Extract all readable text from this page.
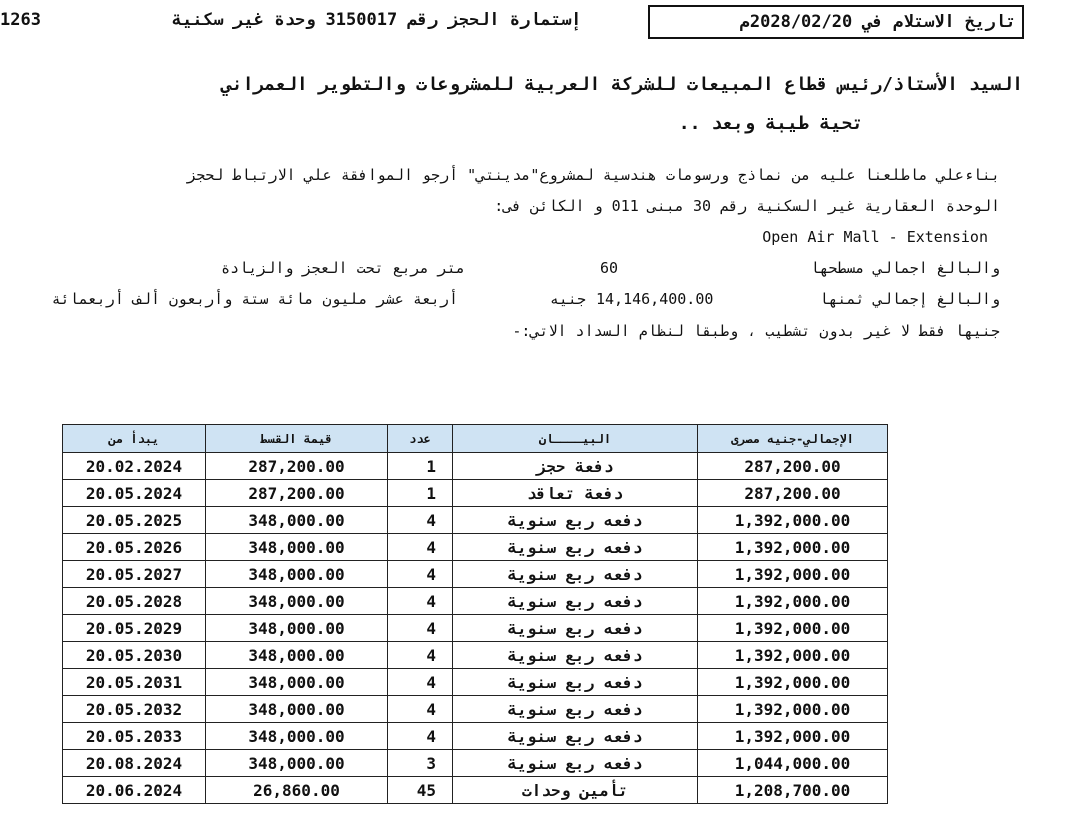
1263	إستمارة الحجز رقم 3150017 وحدة غير سكنية	تاريخ الاستلام في 2028/02/20م
السيد الأستاذ/رئيس قطاع المبيعات للشركة العربية للمشروعات والتطوير العمراني
تحية طيبة وبعد ..
بناءعلي ماطلعنا عليه من نماذج ورسومات هندسية لمشروع"مدينتي" أرجو الموافقة علي الارتباط لحجز
الوحدة العقارية غير السكنية رقم 30 مبنى 011 و الكائن فى:
Open Air Mall - Extension
والبالغ اجمالي مسطحها
60
متر مربع تحت العجز والزيادة
والبالغ إجمالي ثمنها
14,146,400.00
جنيه
أربعة عشر مليون مائة ستة وأربعون ألف أربعمائة
جنيها فقط لا غير بدون تشطيب ، وطبقا لنظام السداد الاتي:-
يبدأ من	قيمة القسط	عدد	البيــــان	الإجمالي-جنيه مصرى
20.02.2024	287,200.00	1	دفعة حجز	287,200.00
20.05.2024	287,200.00	1	دفعة تعاقد	287,200.00
20.05.2025	348,000.00	4	دفعه ربع سنوية	1,392,000.00
20.05.2026	348,000.00	4	دفعه ربع سنوية	1,392,000.00
20.05.2027	348,000.00	4	دفعه ربع سنوية	1,392,000.00
20.05.2028	348,000.00	4	دفعه ربع سنوية	1,392,000.00
20.05.2029	348,000.00	4	دفعه ربع سنوية	1,392,000.00
20.05.2030	348,000.00	4	دفعه ربع سنوية	1,392,000.00
20.05.2031	348,000.00	4	دفعه ربع سنوية	1,392,000.00
20.05.2032	348,000.00	4	دفعه ربع سنوية	1,392,000.00
20.05.2033	348,000.00	4	دفعه ربع سنوية	1,392,000.00
20.08.2024	348,000.00	3	دفعه ربع سنوية	1,044,000.00
20.06.2024	26,860.00	45	تأمين وحدات	1,208,700.00
